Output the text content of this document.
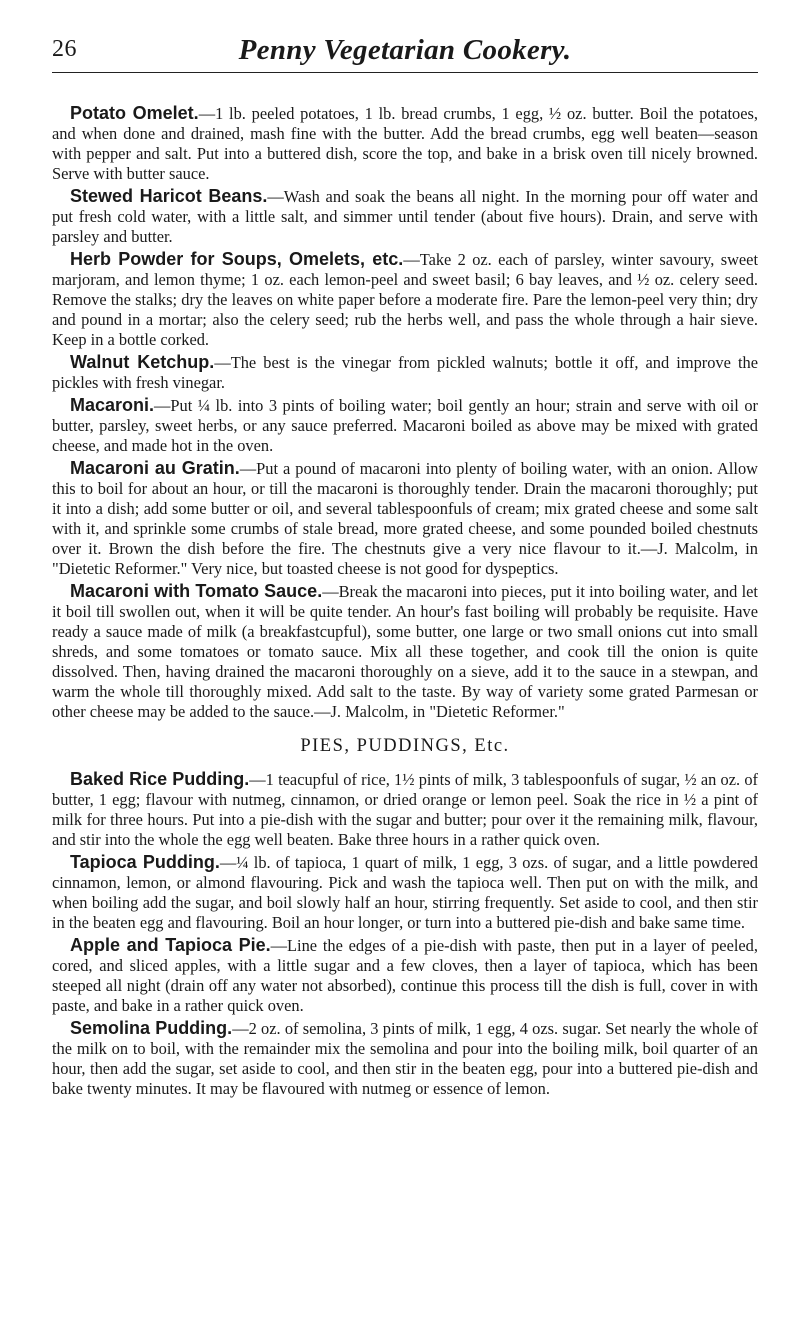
26	Penny Vegetarian Cookery.

Potato Omelet.—1 lb. peeled potatoes, 1 lb. bread crumbs, 1 egg, ½ oz. butter. Boil the potatoes, and when done and drained, mash fine with the butter. Add the bread crumbs, egg well beaten—season with pepper and salt. Put into a buttered dish, score the top, and bake in a brisk oven till nicely browned. Serve with butter sauce.

Stewed Haricot Beans.—Wash and soak the beans all night. In the morning pour off water and put fresh cold water, with a little salt, and simmer until tender (about five hours). Drain, and serve with parsley and butter.

Herb Powder for Soups, Omelets, etc.—Take 2 oz. each of parsley, winter savoury, sweet marjoram, and lemon thyme; 1 oz. each lemon-peel and sweet basil; 6 bay leaves, and ½ oz. celery seed. Remove the stalks; dry the leaves on white paper before a moderate fire. Pare the lemon-peel very thin; dry and pound in a mortar; also the celery seed; rub the herbs well, and pass the whole through a hair sieve. Keep in a bottle corked.

Walnut Ketchup.—The best is the vinegar from pickled walnuts; bottle it off, and improve the pickles with fresh vinegar.

Macaroni.—Put ¼ lb. into 3 pints of boiling water; boil gently an hour; strain and serve with oil or butter, parsley, sweet herbs, or any sauce preferred. Macaroni boiled as above may be mixed with grated cheese, and made hot in the oven.

Macaroni au Gratin.—Put a pound of macaroni into plenty of boiling water, with an onion. Allow this to boil for about an hour, or till the macaroni is thoroughly tender. Drain the macaroni thoroughly; put it into a dish; add some butter or oil, and several tablespoonfuls of cream; mix grated cheese and some salt with it, and sprinkle some crumbs of stale bread, more grated cheese, and some pounded boiled chestnuts over it. Brown the dish before the fire. The chestnuts give a very nice flavour to it.—J. Malcolm, in "Dietetic Reformer." Very nice, but toasted cheese is not good for dyspeptics.

Macaroni with Tomato Sauce.—Break the macaroni into pieces, put it into boiling water, and let it boil till swollen out, when it will be quite tender. An hour's fast boiling will probably be requisite. Have ready a sauce made of milk (a breakfastcupful), some butter, one large or two small onions cut into small shreds, and some tomatoes or tomato sauce. Mix all these together, and cook till the onion is quite dissolved. Then, having drained the macaroni thoroughly on a sieve, add it to the sauce in a stewpan, and warm the whole till thoroughly mixed. Add salt to the taste. By way of variety some grated Parmesan or other cheese may be added to the sauce.—J. Malcolm, in "Dietetic Reformer."

PIES, PUDDINGS, Etc.

Baked Rice Pudding.—1 teacupful of rice, 1½ pints of milk, 3 tablespoonfuls of sugar, ½ an oz. of butter, 1 egg; flavour with nutmeg, cinnamon, or dried orange or lemon peel. Soak the rice in ½ a pint of milk for three hours. Put into a pie-dish with the sugar and butter; pour over it the remaining milk, flavour, and stir into the whole the egg well beaten. Bake three hours in a rather quick oven.

Tapioca Pudding.—¼ lb. of tapioca, 1 quart of milk, 1 egg, 3 ozs. of sugar, and a little powdered cinnamon, lemon, or almond flavouring. Pick and wash the tapioca well. Then put on with the milk, and when boiling add the sugar, and boil slowly half an hour, stirring frequently. Set aside to cool, and then stir in the beaten egg and flavouring. Boil an hour longer, or turn into a buttered pie-dish and bake same time.

Apple and Tapioca Pie.—Line the edges of a pie-dish with paste, then put in a layer of peeled, cored, and sliced apples, with a little sugar and a few cloves, then a layer of tapioca, which has been steeped all night (drain off any water not absorbed), continue this process till the dish is full, cover in with paste, and bake in a rather quick oven.

Semolina Pudding.—2 oz. of semolina, 3 pints of milk, 1 egg, 4 ozs. sugar. Set nearly the whole of the milk on to boil, with the remainder mix the semolina and pour into the boiling milk, boil quarter of an hour, then add the sugar, set aside to cool, and then stir in the beaten egg, pour into a buttered pie-dish and bake twenty minutes. It may be flavoured with nutmeg or essence of lemon.
